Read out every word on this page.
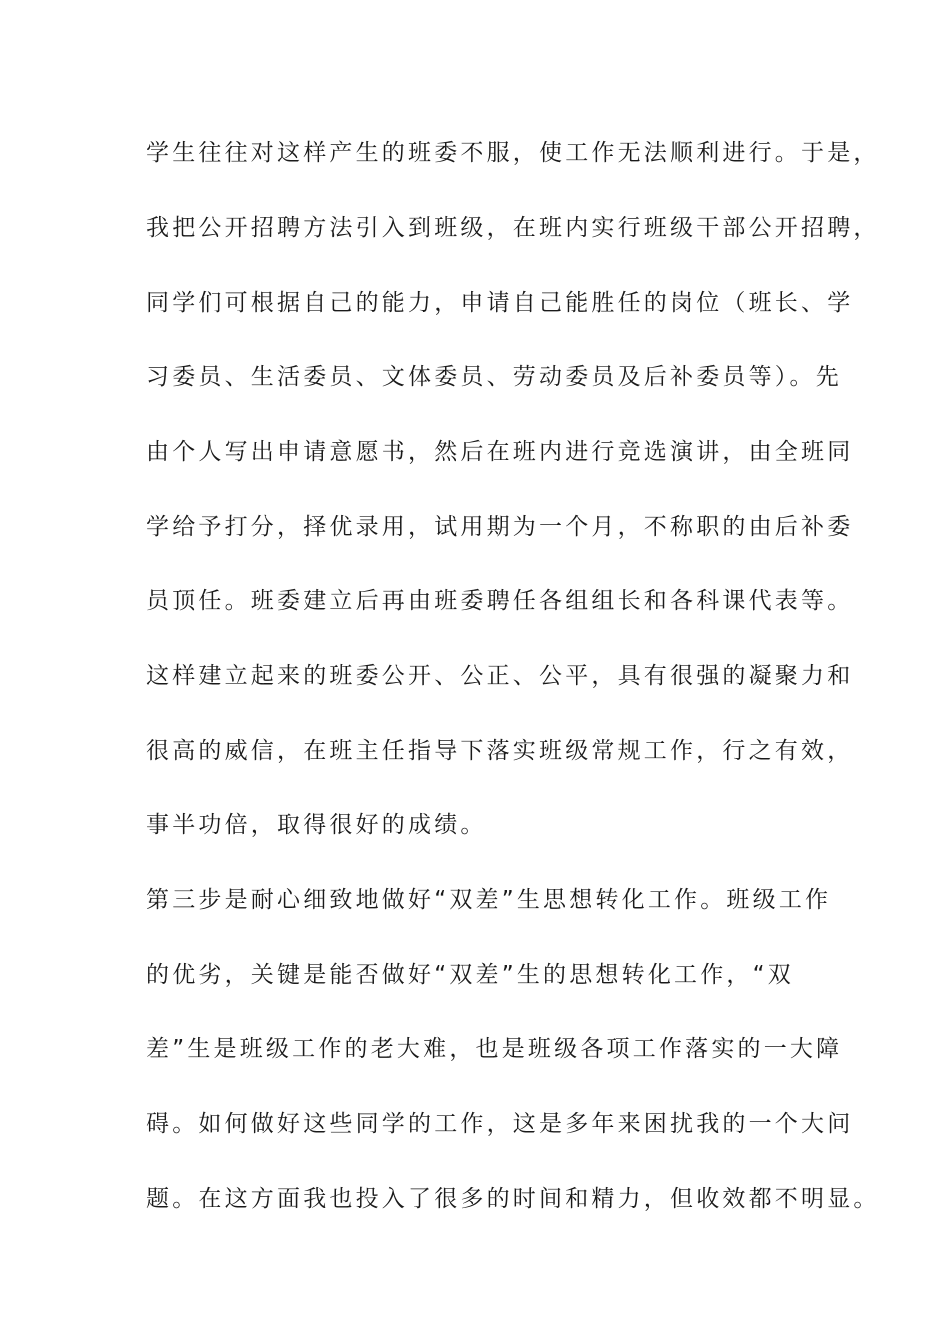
学生往往对这样产生的班委不服，使工作无法顺利进行。于是，
我把公开招聘方法引入到班级，在班内实行班级干部公开招聘，
同学们可根据自己的能力，申请自己能胜任的岗位（班长、学
习委员、生活委员、文体委员、劳动委员及后补委员等）。先
由个人写出申请意愿书，然后在班内进行竞选演讲，由全班同
学给予打分，择优录用，试用期为一个月，不称职的由后补委
员顶任。班委建立后再由班委聘任各组组长和各科课代表等。
这样建立起来的班委公开、公正、公平，具有很强的凝聚力和
很高的威信，在班主任指导下落实班级常规工作，行之有效，
事半功倍，取得很好的成绩。
第三步是耐心细致地做好“双差”生思想转化工作。班级工作
的优劣，关键是能否做好“双差”生的思想转化工作，“双
差”生是班级工作的老大难，也是班级各项工作落实的一大障
碍。如何做好这些同学的工作，这是多年来困扰我的一个大问
题。在这方面我也投入了很多的时间和精力，但收效都不明显。
